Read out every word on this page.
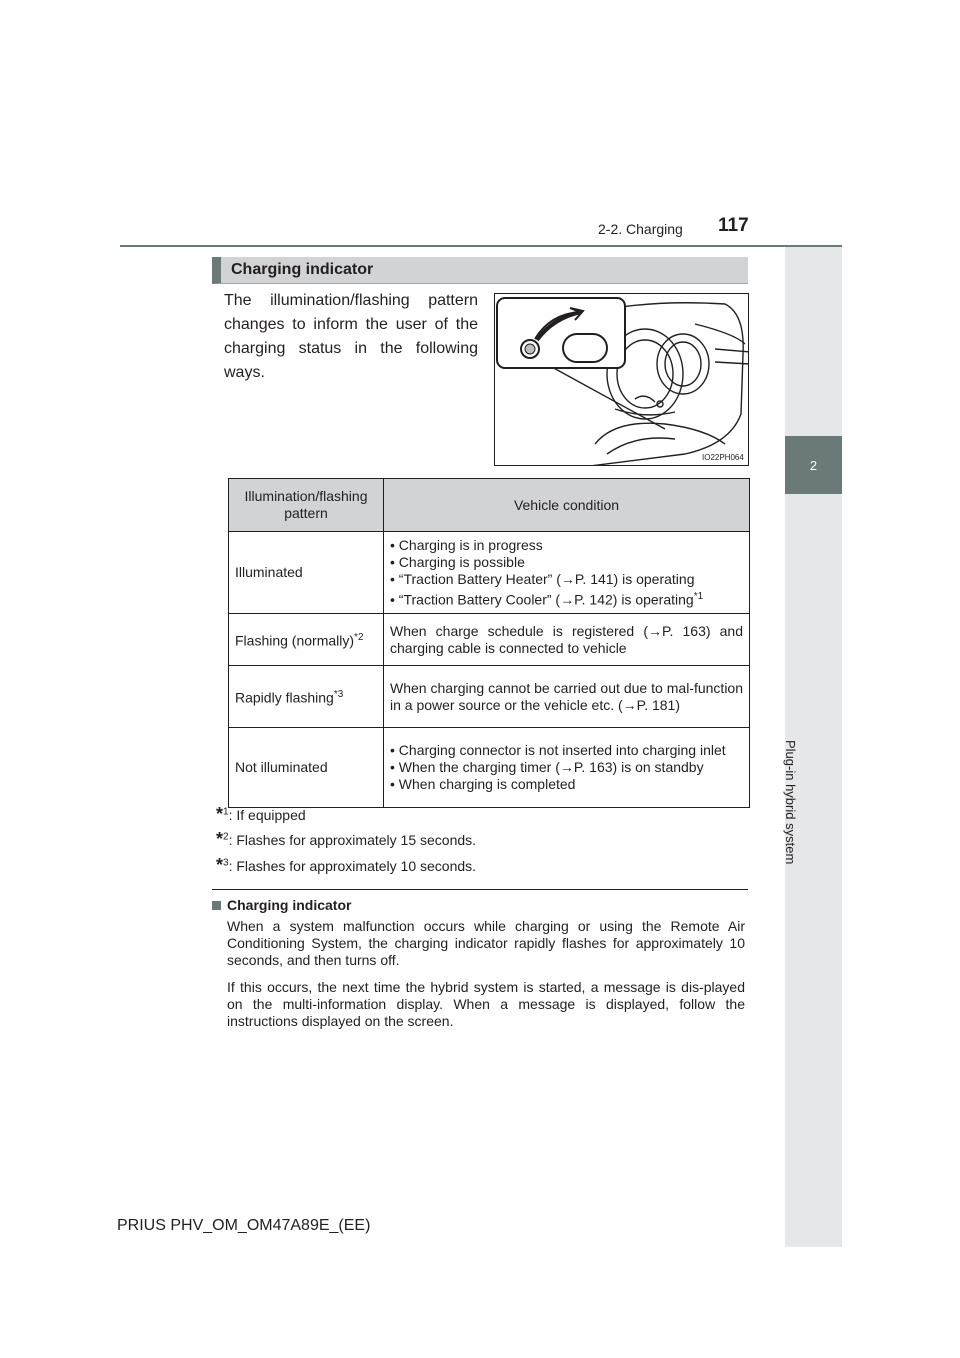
2-2. Charging 117
2
Plug-in hybrid system
Charging indicator
The illumination/flashing pattern changes to inform the user of the charging status in the following ways.
IO22PH064
Illumination/flashing pattern	Vehicle condition
Illuminated	• Charging is in progress
• Charging is possible
• “Traction Battery Heater” (→P. 141) is operating
• “Traction Battery Cooler” (→P. 142) is operating$^{*1}$

Flashing (normally)$^{*2}$	When charge schedule is registered (→P. 163) and charging cable is connected to vehicle
Rapidly flashing$^{*3}$	When charging cannot be carried out due to mal-function in a power source or the vehicle etc. (→P. 181)
Not illuminated	• Charging connector is not inserted into charging inlet
• When the charging timer (→P. 163) is on standby
• When charging is completed
*$^1$: If equipped
*$^2$: Flashes for approximately 15 seconds.
*$^3$: Flashes for approximately 10 seconds.
Charging indicator
When a system malfunction occurs while charging or using the Remote Air Conditioning System, the charging indicator rapidly flashes for approximately 10 seconds, and then turns off.
If this occurs, the next time the hybrid system is started, a message is dis-played on the multi-information display. When a message is displayed, follow the instructions displayed on the screen.
PRIUS PHV_OM_OM47A89E_(EE)
